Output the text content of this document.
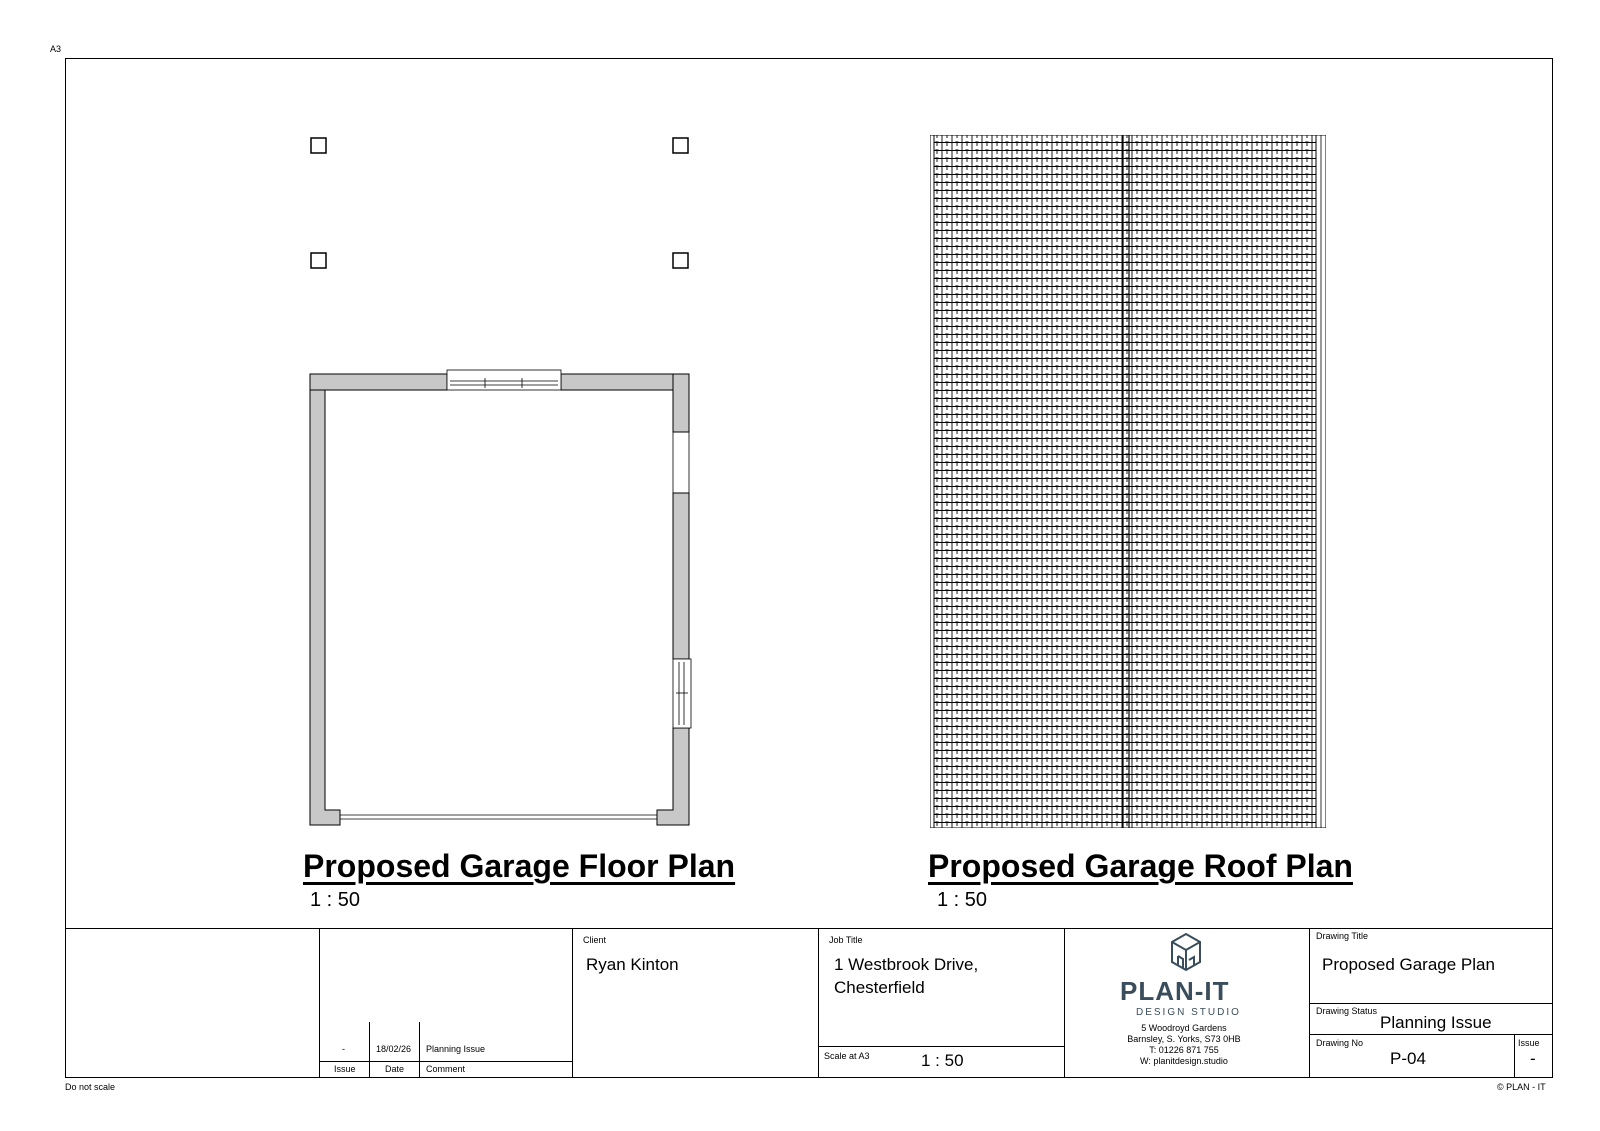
A3
Do not scale	© PLAN - IT
Proposed Garage Floor Plan
1 : 50
Proposed Garage Roof Plan
1 : 50
-	18/02/26 Planning Issue
Issue	Date Comment
Client
Ryan Kinton
Job Title
1 Westbrook Drive,
Chesterfield
Scale at A3	1 : 50
PLAN-IT
DESIGN STUDIO
5 Woodroyd Gardens
Barnsley, S. Yorks, S73 0HB
T: 01226 871 755
W: planitdesign.studio
Drawing Title
Proposed Garage Plan
Drawing Status
Planning Issue
Drawing No
P-04
Issue
-
